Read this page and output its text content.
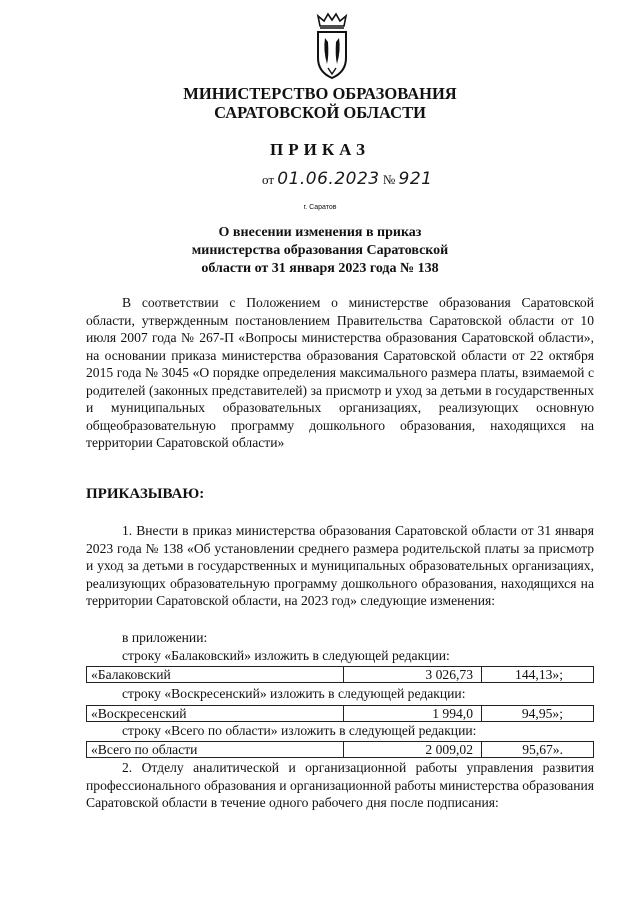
МИНИСТЕРСТВО ОБРАЗОВАНИЯ
САРАТОВСКОЙ ОБЛАСТИ
ПРИКАЗ
от 01.06.2023 № 921
г. Саратов
О внесении изменения в приказ
министерства образования Саратовской
области от 31 января 2023 года № 138

В соответствии с Положением о министерстве образования Саратовской области, утвержденным постановлением Правительства Саратовской области от 10 июля 2007 года № 267-П «Вопросы министерства образования Саратовской области», на основании приказа министерства образования Саратовской области от 22 октября 2015 года № 3045 «О порядке определения максимального размера платы, взимаемой с родителей (законных представителей) за присмотр и уход за детьми в государственных и муниципальных образовательных организациях, реализующих основную общеобразовательную программу дошкольного образования, находящихся на территории Саратовской области»

ПРИКАЗЫВАЮ:

1. Внести в приказ министерства образования Саратовской области от 31 января 2023 года № 138 «Об установлении среднего размера родительской платы за присмотр и уход за детьми в государственных и муниципальных образовательных организациях, реализующих образовательную программу дошкольного образования, находящихся на территории Саратовской области, на 2023 год» следующие изменения:

в приложении:
строку «Балаковский» изложить в следующей редакции:
«Балаковский	3 026,73	144,13»;
строку «Воскресенский» изложить в следующей редакции:
«Воскресенский	1 994,0	94,95»;
строку «Всего по области» изложить в следующей редакции:
«Всего по области	2 009,02	95,67».

2. Отделу аналитической и организационной работы управления развития профессионального образования и организационной работы министерства образования Саратовской области в течение одного рабочего дня после подписания:
